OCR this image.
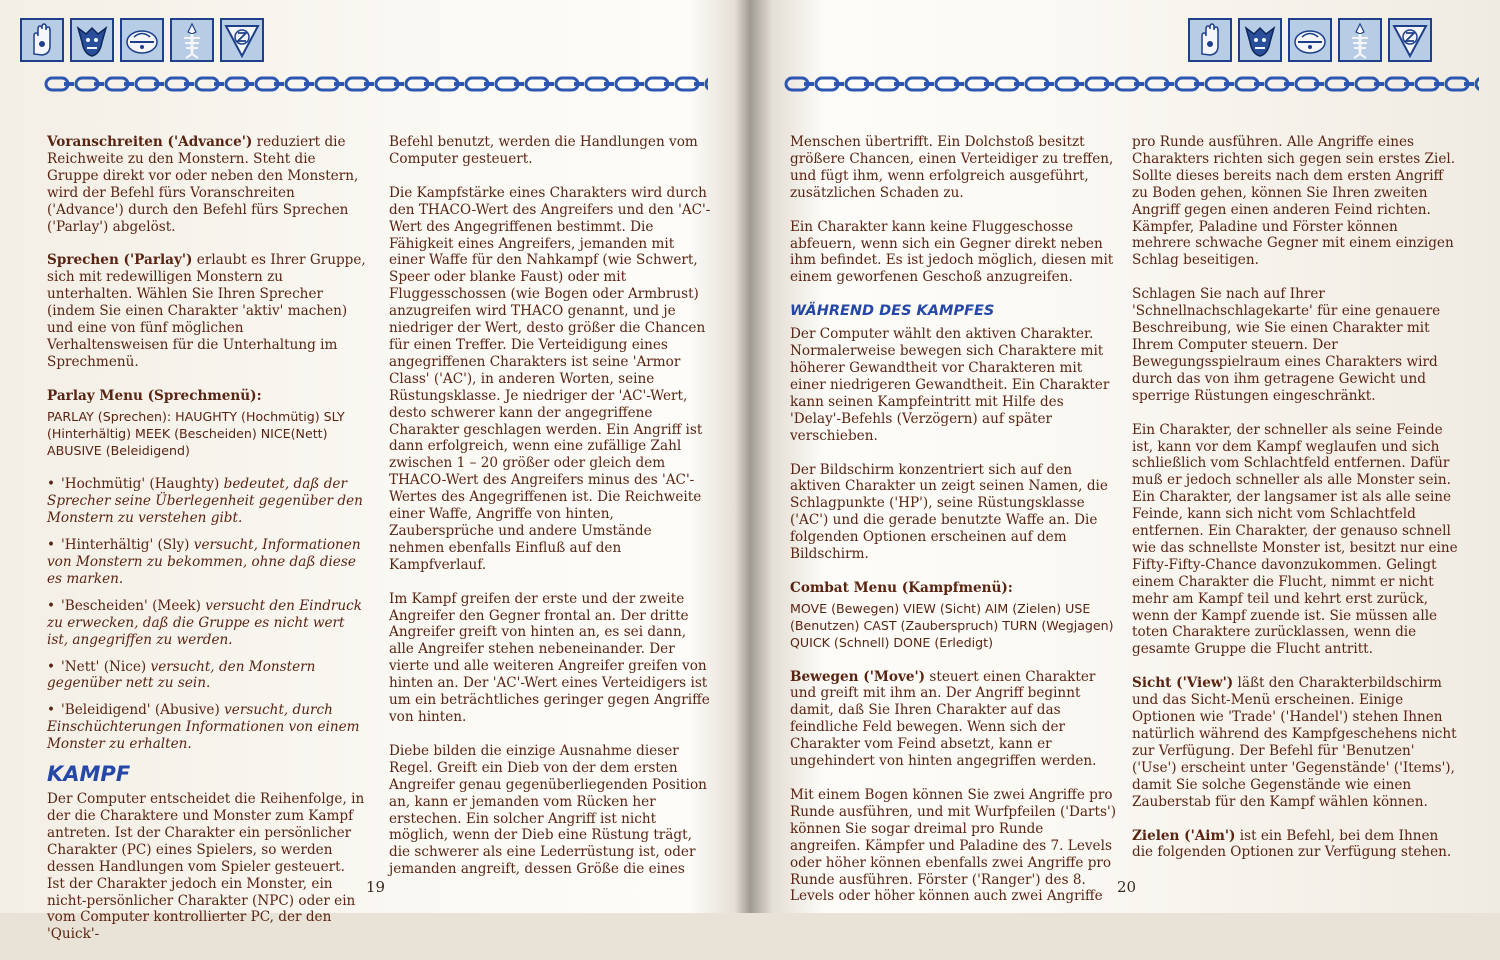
Voranschreiten ('Advance') reduziert die Reichweite zu den Monstern. Steht die Gruppe direkt vor oder neben den Monstern, wird der Befehl fürs Voranschreiten ('Advance') durch den Befehl fürs Sprechen ('Parlay') abgelöst.

Sprechen ('Parlay') erlaubt es Ihrer Gruppe, sich mit redewilligen Monstern zu unterhalten. Wählen Sie Ihren Sprecher (indem Sie einen Charakter 'aktiv' machen) und eine von fünf möglichen Verhaltensweisen für die Unterhaltung im Sprechmenü.

Parlay Menu (Sprechmenü):

PARLAY (Sprechen): HAUGHTY (Hochmütig) SLY (Hinterhältig) MEEK (Bescheiden) NICE(Nett) ABUSIVE (Beleidigend)

• 'Hochmütig' (Haughty) bedeutet, daß der Sprecher seine Überlegenheit gegenüber den Monstern zu verstehen gibt.
• 'Hinterhältig' (Sly) versucht, Informationen von Monstern zu bekommen, ohne daß diese es marken.
• 'Bescheiden' (Meek) versucht den Eindruck zu erwecken, daß die Gruppe es nicht wert ist, angegriffen zu werden.
• 'Nett' (Nice) versucht, den Monstern gegenüber nett zu sein.
• 'Beleidigend' (Abusive) versucht, durch Einschüchterungen Informationen von einem Monster zu erhalten.
KAMPF

Der Computer entscheidet die Reihenfolge, in der die Charaktere und Monster zum Kampf antreten. Ist der Charakter ein persönlicher Charakter (PC) eines Spielers, so werden dessen Handlungen vom Spieler gesteuert. Ist der Charakter jedoch ein Monster, ein nicht-persönlicher Charakter (NPC) oder ein vom Computer kontrollierter PC, der den 'Quick'-

Befehl benutzt, werden die Handlungen vom Computer gesteuert.

Die Kampfstärke eines Charakters wird durch den THACO-Wert des Angreifers und den 'AC'-Wert des Angegriffenen bestimmt. Die Fähigkeit eines Angreifers, jemanden mit einer Waffe für den Nahkampf (wie Schwert, Speer oder blanke Faust) oder mit Fluggesschossen (wie Bogen oder Armbrust) anzugreifen wird THACO genannt, und je niedriger der Wert, desto größer die Chancen für einen Treffer. Die Verteidigung eines angegriffenen Charakters ist seine 'Armor Class' ('AC'), in anderen Worten, seine Rüstungsklasse. Je niedriger der 'AC'-Wert, desto schwerer kann der angegriffene Charakter geschlagen werden. Ein Angriff ist dann erfolgreich, wenn eine zufällige Zahl zwischen 1 – 20 größer oder gleich dem THACO-Wert des Angreifers minus des 'AC'-Wertes des Angegriffenen ist. Die Reichweite einer Waffe, Angriffe von hinten, Zaubersprüche und andere Umstände nehmen ebenfalls Einfluß auf den Kampfverlauf.

Im Kampf greifen der erste und der zweite Angreifer den Gegner frontal an. Der dritte Angreifer greift von hinten an, es sei dann, alle Angreifer stehen nebeneinander. Der vierte und alle weiteren Angreifer greifen von hinten an. Der 'AC'-Wert eines Verteidigers ist um ein beträchtliches geringer gegen Angriffe von hinten.

Diebe bilden die einzige Ausnahme dieser Regel. Greift ein Dieb von der dem ersten Angreifer genau gegenüberliegenden Position an, kann er jemanden vom Rücken her erstechen. Ein solcher Angriff ist nicht möglich, wenn der Dieb eine Rüstung trägt, die schwerer als eine Lederrüstung ist, oder jemanden angreift, dessen Größe die eines

19

Menschen übertrifft. Ein Dolchstoß besitzt größere Chancen, einen Verteidiger zu treffen, und fügt ihm, wenn erfolgreich ausgeführt, zusätzlichen Schaden zu.

Ein Charakter kann keine Fluggeschosse abfeuern, wenn sich ein Gegner direkt neben ihm befindet. Es ist jedoch möglich, diesen mit einem geworfenen Geschoß anzugreifen.

WÄHREND DES KAMPFES

Der Computer wählt den aktiven Charakter. Normalerweise bewegen sich Charaktere mit höherer Gewandtheit vor Charakteren mit einer niedrigeren Gewandtheit. Ein Charakter kann seinen Kampfeintritt mit Hilfe des 'Delay'-Befehls (Verzögern) auf später verschieben.

Der Bildschirm konzentriert sich auf den aktiven Charakter un zeigt seinen Namen, die Schlagpunkte ('HP'), seine Rüstungsklasse ('AC') und die gerade benutzte Waffe an. Die folgenden Optionen erscheinen auf dem Bildschirm.

Combat Menu (Kampfmenü):

MOVE (Bewegen) VIEW (Sicht) AIM (Zielen) USE (Benutzen) CAST (Zauberspruch) TURN (Wegjagen) QUICK (Schnell) DONE (Erledigt)

Bewegen ('Move') steuert einen Charakter und greift mit ihm an. Der Angriff beginnt damit, daß Sie Ihren Charakter auf das feindliche Feld bewegen. Wenn sich der Charakter vom Feind absetzt, kann er ungehindert von hinten angegriffen werden.

Mit einem Bogen können Sie zwei Angriffe pro Runde ausführen, und mit Wurfpfeilen ('Darts') können Sie sogar dreimal pro Runde angreifen. Kämpfer und Paladine des 7. Levels oder höher können ebenfalls zwei Angriffe pro Runde ausführen. Förster ('Ranger') des 8. Levels oder höher können auch zwei Angriffe

pro Runde ausführen. Alle Angriffe eines Charakters richten sich gegen sein erstes Ziel. Sollte dieses bereits nach dem ersten Angriff zu Boden gehen, können Sie Ihren zweiten Angriff gegen einen anderen Feind richten. Kämpfer, Paladine und Förster können mehrere schwache Gegner mit einem einzigen Schlag beseitigen.

Schlagen Sie nach auf Ihrer 'Schnellnachschlagekarte' für eine genauere Beschreibung, wie Sie einen Charakter mit Ihrem Computer steuern. Der Bewegungsspielraum eines Charakters wird durch das von ihm getragene Gewicht und sperrige Rüstungen eingeschränkt.

Ein Charakter, der schneller als seine Feinde ist, kann vor dem Kampf weglaufen und sich schließlich vom Schlachtfeld entfernen. Dafür muß er jedoch schneller als alle Monster sein. Ein Charakter, der langsamer ist als alle seine Feinde, kann sich nicht vom Schlachtfeld entfernen. Ein Charakter, der genauso schnell wie das schnellste Monster ist, besitzt nur eine Fifty-Fifty-Chance davonzukommen. Gelingt einem Charakter die Flucht, nimmt er nicht mehr am Kampf teil und kehrt erst zurück, wenn der Kampf zuende ist. Sie müssen alle toten Charaktere zurücklassen, wenn die gesamte Gruppe die Flucht antritt.

Sicht ('View') läßt den Charakterbildschirm und das Sicht-Menü erscheinen. Einige Optionen wie 'Trade' ('Handel') stehen Ihnen natürlich während des Kampfgeschehens nicht zur Verfügung. Der Befehl für 'Benutzen' ('Use') erscheint unter 'Gegenstände' ('Items'), damit Sie solche Gegenstände wie einen Zauberstab für den Kampf wählen können.

Zielen ('Aim') ist ein Befehl, bei dem Ihnen die folgenden Optionen zur Verfügung stehen.

20
